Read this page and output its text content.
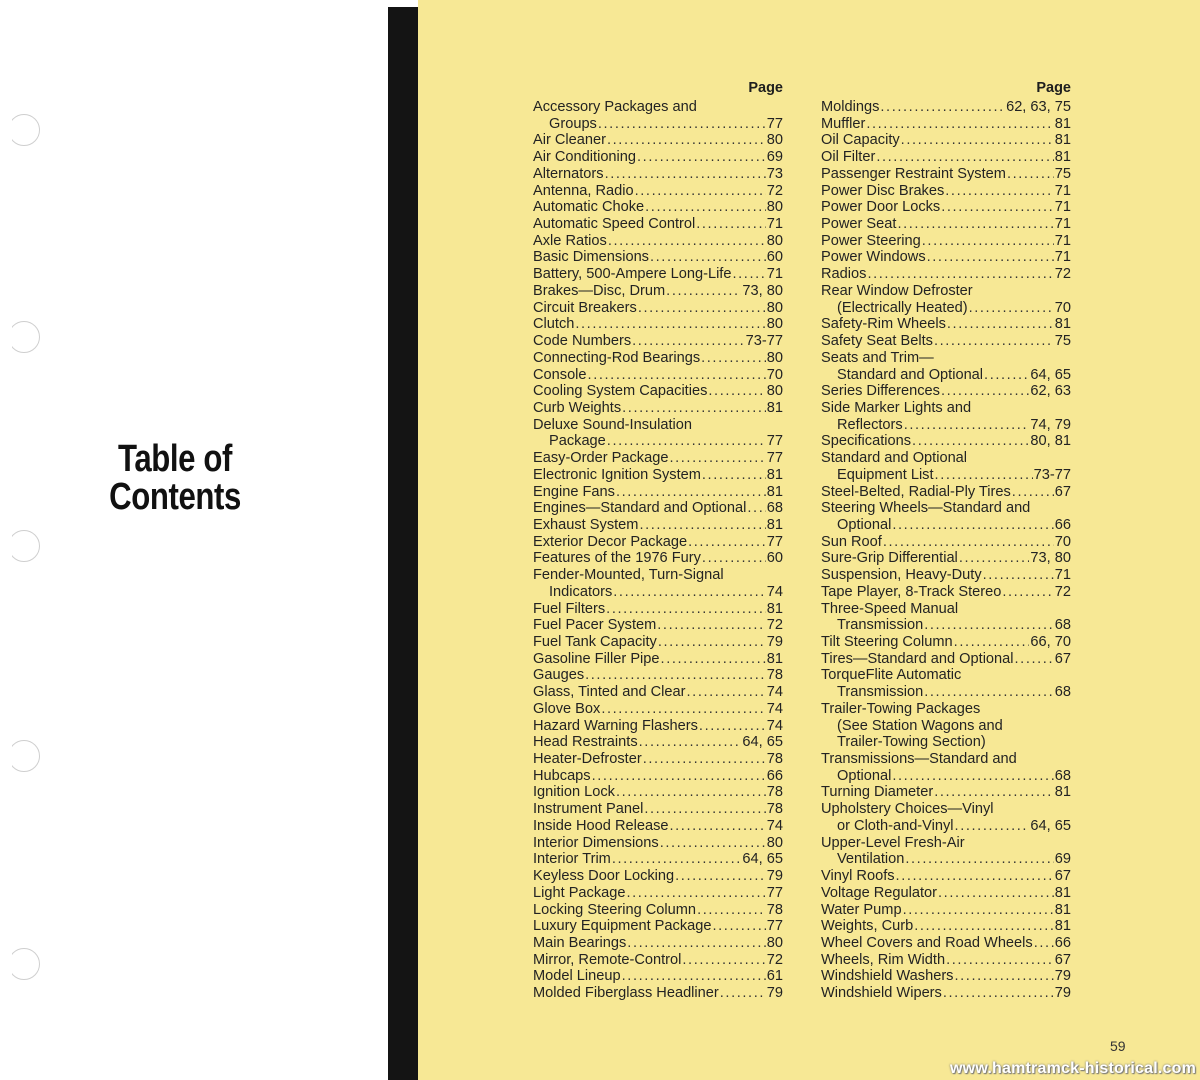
Table of
Contents
Page
Accessory Packages and
Groups .....	77
Air Cleaner .....	80
Air Conditioning .....	69
Alternators .....	73
Antenna, Radio .....	72
Automatic Choke .....	80
Automatic Speed Control .....	71
Axle Ratios .....	80
Basic Dimensions .....	60
Battery, 500-Ampere Long-Life ..... 71
Brakes—Disc, Drum .....	73, 80
Circuit Breakers .....	80
Clutch .....	80
Code Numbers .....	73-77
Connecting-Rod Bearings .....	80
Console .....	70
Cooling System Capacities .....	80
Curb Weights .....	81
Deluxe Sound-Insulation
Package .....	77
Easy-Order Package .....	77
Electronic Ignition System .....	81
Engine Fans .....	81
Engines—Standard and Optional ..... 68
Exhaust System .....	81
Exterior Decor Package .....	77
Features of the 1976 Fury .....	60
Fender-Mounted, Turn-Signal
Indicators .....	74
Fuel Filters .....	81
Fuel Pacer System .....	72
Fuel Tank Capacity .....	79
Gasoline Filler Pipe .....	81
Gauges .....	78
Glass, Tinted and Clear .....	74
Glove Box .....	74
Hazard Warning Flashers .....	74
Head Restraints .....	64, 65
Heater-Defroster .....	78
Hubcaps .....	66
Ignition Lock .....	78
Instrument Panel .....	78
Inside Hood Release .....	74
Interior Dimensions .....	80
Interior Trim .....	64, 65
Keyless Door Locking .....	79
Light Package .....	77
Locking Steering Column .....	78
Luxury Equipment Package .....	77
Main Bearings .....	80
Mirror, Remote-Control .....	72
Model Lineup .....	61
Molded Fiberglass Headliner .....	79
Page
Moldings .....	62, 63, 75
Muffler .....	81
Oil Capacity .....	81
Oil Filter .....	81
Passenger Restraint System .....	75
Power Disc Brakes .....	71
Power Door Locks .....	71
Power Seat .....	71
Power Steering .....	71
Power Windows .....	71
Radios .....	72
Rear Window Defroster
(Electrically Heated) .....	70
Safety-Rim Wheels .....	81
Safety Seat Belts .....	75
Seats and Trim—
Standard and Optional .....	64, 65
Series Differences .....	62, 63
Side Marker Lights and
Reflectors .....	74, 79
Specifications .....	80, 81
Standard and Optional
Equipment List .....	73-77
Steel-Belted, Radial-Ply Tires .....	67
Steering Wheels—Standard and
Optional .....	66
Sun Roof .....	70
Sure-Grip Differential .....	73, 80
Suspension, Heavy-Duty .....	71
Tape Player, 8-Track Stereo .....	72
Three-Speed Manual
Transmission .....	68
Tilt Steering Column .....	66, 70
Tires—Standard and Optional .....	67
TorqueFlite Automatic
Transmission .....	68
Trailer-Towing Packages
(See Station Wagons and
Trailer-Towing Section)
Transmissions—Standard and
Optional .....	68
Turning Diameter .....	81
Upholstery Choices—Vinyl
or Cloth-and-Vinyl .....	64, 65
Upper-Level Fresh-Air
Ventilation .....	69
Vinyl Roofs .....	67
Voltage Regulator .....	81
Water Pump .....	81
Weights, Curb .....	81
Wheel Covers and Road Wheels ..... 66
Wheels, Rim Width .....	67
Windshield Washers .....	79
Windshield Wipers .....	79
59
www.hamtramck-historical.com
